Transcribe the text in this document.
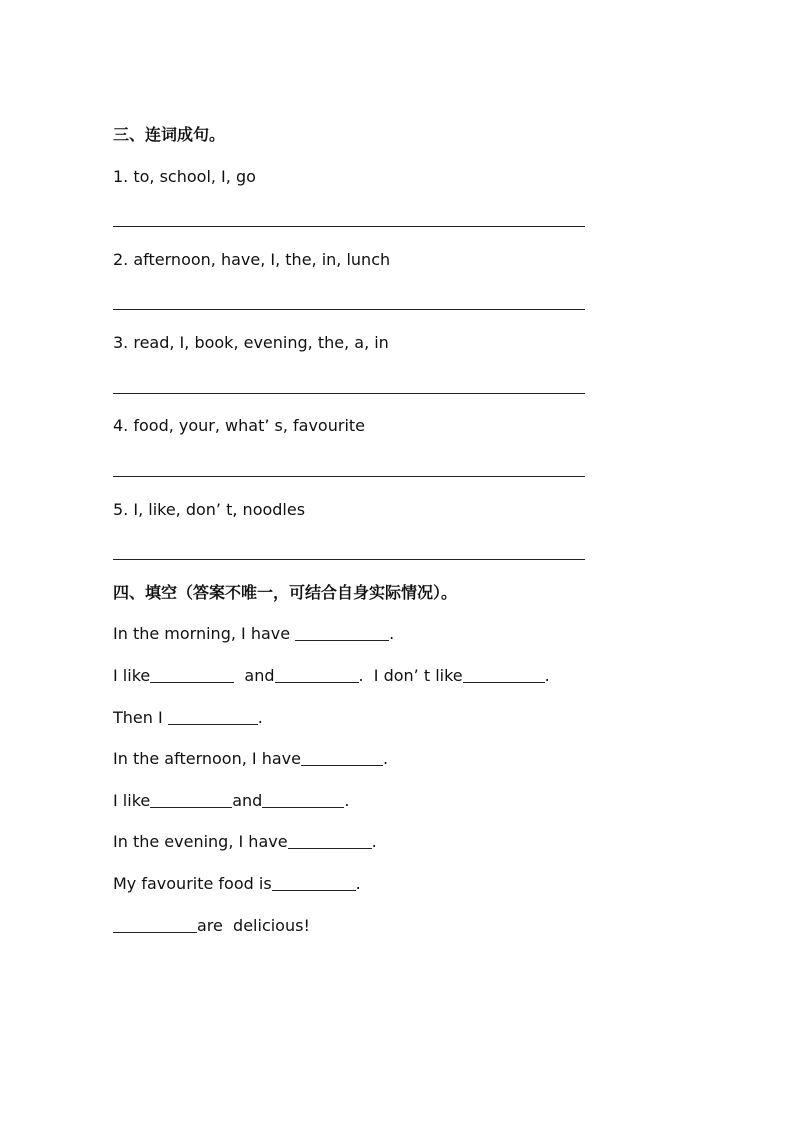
三、连词成句。
1. to, school, I, go
2. afternoon, have, I, the, in, lunch
3. read, I, book, evening, the, a, in
4. food, your, what’ s, favourite
5. I, like, don’ t, noodles
四、填空（答案不唯一，可结合自身实际情况）。
In the morning, I have	.
I like	and	.  I don’ t like	.
Then I	.
In the afternoon, I have	.
I like	and	.
In the evening, I have	.
My favourite food is	.
are  delicious!
